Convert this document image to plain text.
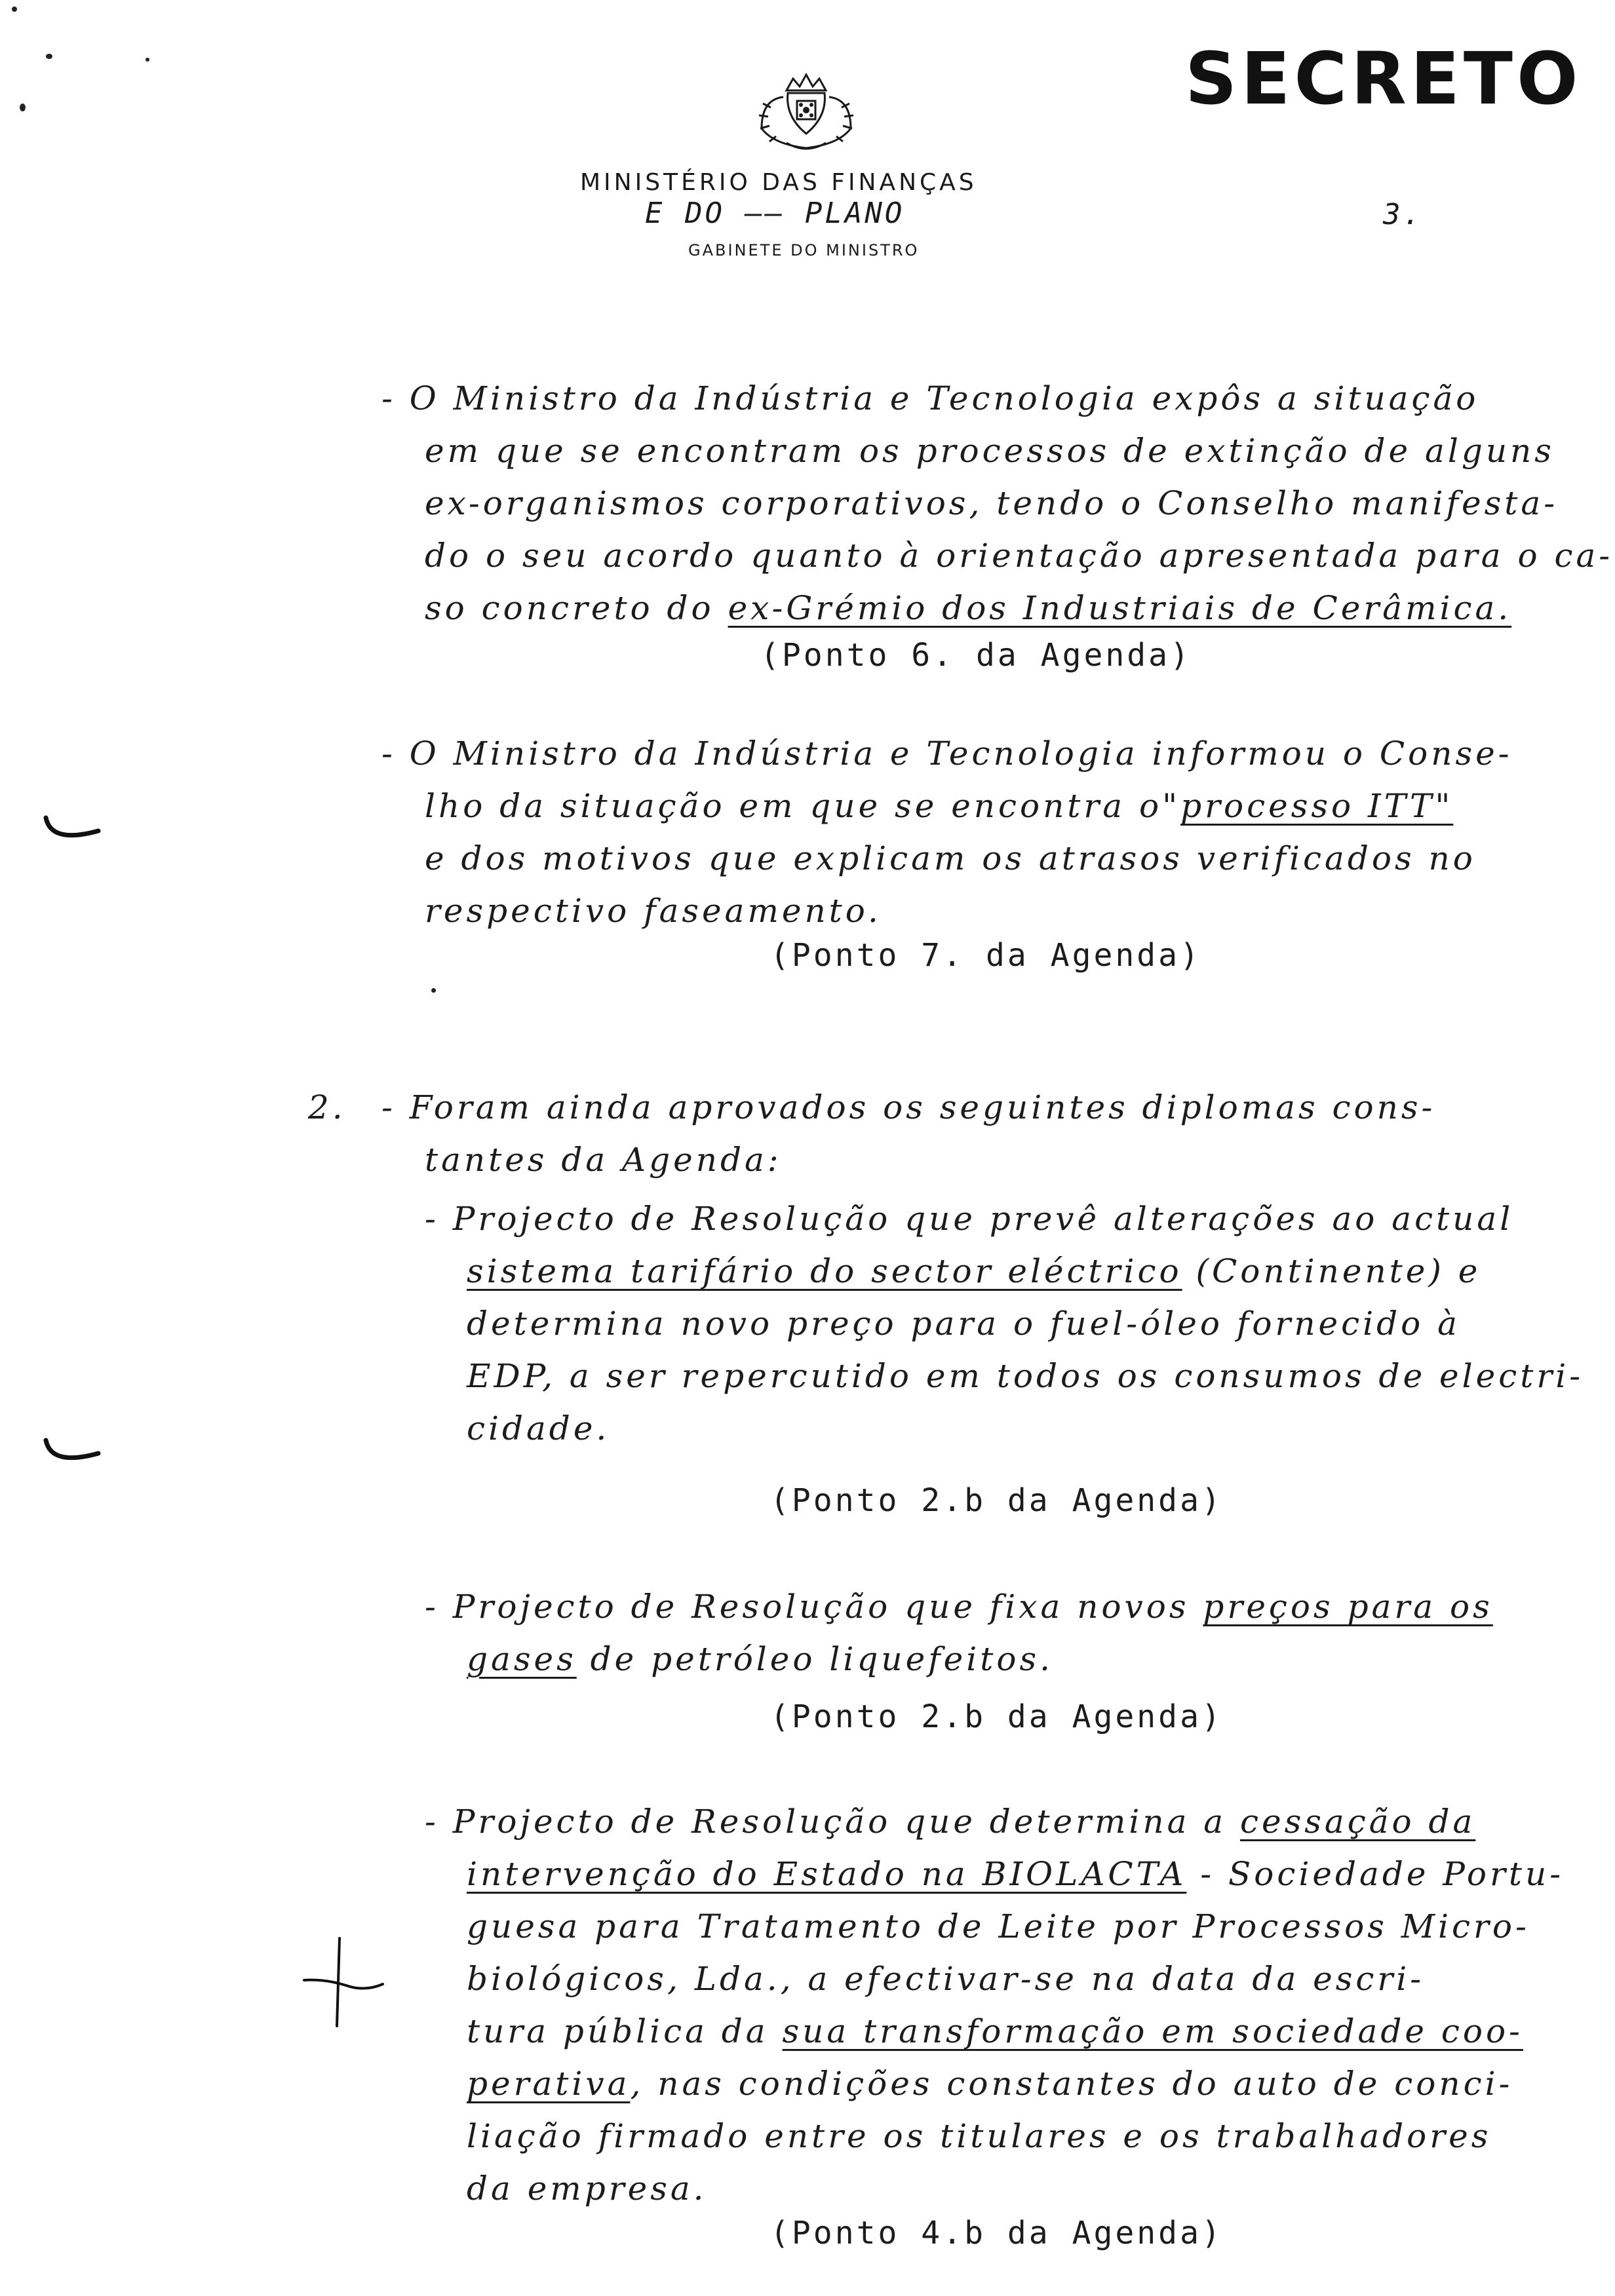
SECRETO
MINISTÉRIO DAS FINANÇAS
E DO —— PLANO
GABINETE DO MINISTRO
3.
- O Ministro da Indústria e Tecnologia expôs a situação
em que se encontram os processos de extinção de alguns
ex-organismos corporativos, tendo o Conselho manifesta-
do o seu acordo quanto à orientação apresentada para o ca-
so concreto do ex-Grémio dos Industriais de Cerâmica.
(Ponto 6. da Agenda)
- O Ministro da Indústria e Tecnologia informou o Conse-
lho da situação em que se encontra o"processo ITT"
e dos motivos que explicam os atrasos verificados no
respectivo faseamento.
(Ponto 7. da Agenda)
2. - Foram ainda aprovados os seguintes diplomas cons-
tantes da Agenda:
- Projecto de Resolução que prevê alterações ao actual
sistema tarifário do sector eléctrico (Continente) e
determina novo preço para o fuel-óleo fornecido à
EDP, a ser repercutido em todos os consumos de electri-
cidade.
(Ponto 2.b da Agenda)
- Projecto de Resolução que fixa novos preços para os
gases de petróleo liquefeitos.
(Ponto 2.b da Agenda)
- Projecto de Resolução que determina a cessação da
intervenção do Estado na BIOLACTA - Sociedade Portu-
guesa para Tratamento de Leite por Processos Micro-
biológicos, Lda., a efectivar-se na data da escri-
tura pública da sua transformação em sociedade coo-
perativa, nas condições constantes do auto de conci-
liação firmado entre os titulares e os trabalhadores
da empresa.
(Ponto 4.b da Agenda)
